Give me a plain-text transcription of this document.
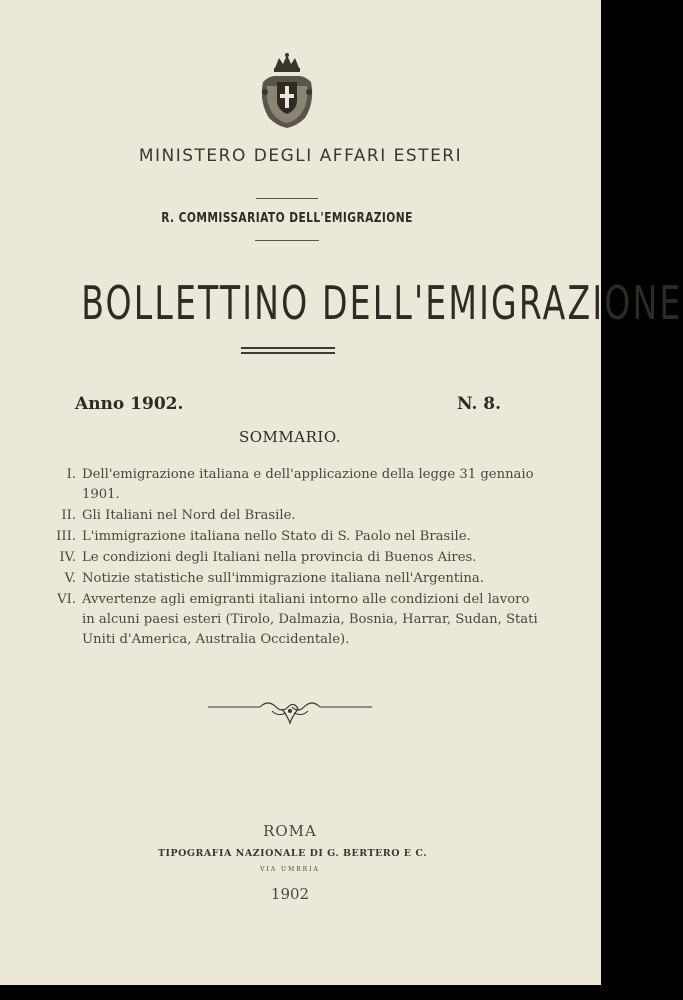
MINISTERO DEGLI AFFARI ESTERI
R. COMMISSARIATO DELL'EMIGRAZIONE
BOLLETTINO DELL'EMIGRAZIONE
Anno 1902.	N. 8.
SOMMARIO.
I. Dell'emigrazione italiana e dell'applicazione della legge 31 gennaio 1901.
II. Gli Italiani nel Nord del Brasile.
III. L'immigrazione italiana nello Stato di S. Paolo nel Brasile.
IV. Le condizioni degli Italiani nella provincia di Buenos Aires.
V. Notizie statistiche sull'immigrazione italiana nell'Argentina.
VI. Avvertenze agli emigranti italiani intorno alle condizioni del lavoro in alcuni paesi esteri (Tirolo, Dalmazia, Bosnia, Harrar, Sudan, Stati Uniti d'America, Australia Occidentale).
ROMA
TIPOGRAFIA NAZIONALE DI G. BERTERO E C.
VIA UMBRIA
1902
